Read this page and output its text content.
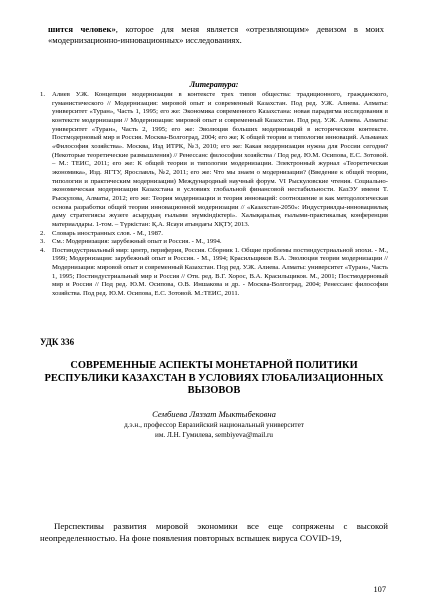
шится человек», которое для меня является «отрезвляющим» девизом в моих «модернизационно-инновационных» исследованиях.

Литература:
1. Алиев У.Ж. Концепция модернизации в контексте трех типов общества: традиционного, гражданского, гуманистического // Модернизация: мировой опыт и современный Казахстан. Под ред. У.Ж. Алиева. Алматы: университет «Туран», Часть 1, 1995; его же: Экономика современного Казахстана: новая парадигма исследования в контексте модернизации // Модернизация: мировой опыт и современный Казахстан. Под ред. У.Ж. Алиева. Алматы: университет «Туран», Часть 2, 1995; его же: Эволюция больших модернизаций в историческом контексте. Постмодерновый мир и Россия. Москва-Волгоград, 2004; его же; К общей теории и типологии инноваций. Альманах «Философия хозяйства». Москва, Изд ИТРК, №3, 2010; его же: Какая модернизация нужна для России сегодня? (Некоторые теоретические размышления) // Ренессанс философии хозяйства / Под ред. Ю.М. Осипова, Е.С. Зотовой. – М.: ТЕИС, 2011; его же: К общей теории и типологии модернизации. Электронный журнал «Теоретическая экономика», Изд. ЯГТУ, Ярославль, №2, 2011; его же: Что мы знаем о модернизации? (Введение к общей теории, типологии и практическим модернизации) Международный научный форум. VI Рыскуловские чтения. Социально-экономическая модернизация Казахстана в условиях глобальной финансовой нестабильности. КазЭУ имени Т. Рыскулова, Алматы, 2012; его же: Теория модернизации и теория инноваций: соотношение и как методологическая основа разработки общей теории инновационной модернизации // «Казахстан-2050»: Индустриялды-инновациялық даму стратегиясы жүзеге асырудың ғылыми мүмкіндіктері». Халықаралық ғылыми-практикалық конференция материалдары. 1-том. – Түркістан: Қ.А. Ясауи атындағы ХҚТУ, 2013.
2. Словарь иностранных слов. - М., 1987.
3. См.: Модернизация: зарубежный опыт и Россия. - М., 1994.
4. Постиндустриальный мир: центр, периферия, Россия. Сборник 1. Общие проблемы постиндустриальной эпохи. - М., 1999; Модернизация: зарубежный опыт и Россия. - М., 1994; Красильщиков В.А. Эволюция теории модернизации // Модернизация: мировой опыт и современный Казахстан. Под ред. У.Ж. Алиева. Алматы: университет «Туран», Часть 1, 1995; Постиндустриальный мир и Россия // Отв. ред. В.Г. Хорос, В.А. Красильщиков. М., 2001; Постмодерновый мир и Россия // Под ред. Ю.М. Осипова, О.В. Иншакова и др. - Москва-Волгоград, 2004; Ренессанс философии хозяйства. Под ред. Ю.М. Осипова, Е.С. Зотовой. М.:ТЕИС, 2011.
УДК 336
СОВРЕМЕННЫЕ АСПЕКТЫ МОНЕТАРНОЙ ПОЛИТИКИ РЕСПУБЛИКИ КАЗАХСТАН В УСЛОВИЯХ ГЛОБАЛИЗАЦИОННЫХ ВЫЗОВОВ
Сембиева Ляззат Мыктыбековна
д.э.н., профессор Евразийский национальный университет
им. Л.Н. Гумилева, sembiyeva@mail.ru

Перспективы развития мировой экономики все еще сопряжены с высокой неопределенностью. На фоне появления повторных вспышек вируса COVID-19,

107
